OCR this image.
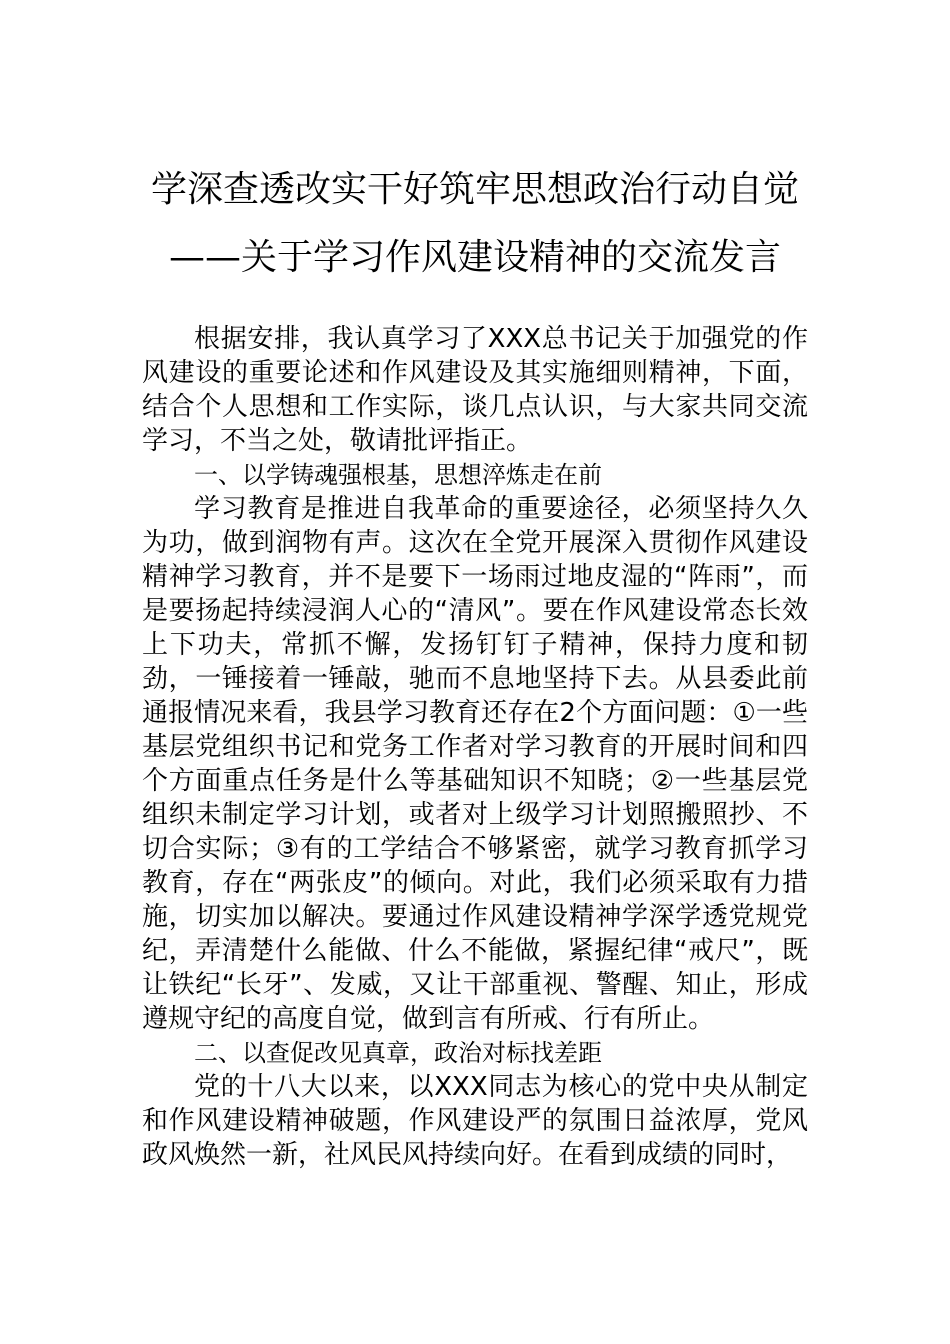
学深查透改实干好筑牢思想政治行动自觉
——关于学习作风建设精神的交流发言

根据安排，我认真学习了XXX总书记关于加强党的作风建设的重要论述和作风建设及其实施细则精神，下面，结合个人思想和工作实际，谈几点认识，与大家共同交流学习，不当之处，敬请批评指正。

一、以学铸魂强根基，思想淬炼走在前

学习教育是推进自我革命的重要途径，必须坚持久久为功，做到润物有声。这次在全党开展深入贯彻作风建设精神学习教育，并不是要下一场雨过地皮湿的“阵雨”，而是要扬起持续浸润人心的“清风”。要在作风建设常态长效上下功夫，常抓不懈，发扬钉钉子精神，保持力度和韧劲，一锤接着一锤敲，驰而不息地坚持下去。从县委此前通报情况来看，我县学习教育还存在2个方面问题：①一些基层党组织书记和党务工作者对学习教育的开展时间和四个方面重点任务是什么等基础知识不知晓；②一些基层党组织未制定学习计划，或者对上级学习计划照搬照抄、不切合实际；③有的工学结合不够紧密，就学习教育抓学习教育，存在“两张皮”的倾向。对此，我们必须采取有力措施，切实加以解决。要通过作风建设精神学深学透党规党纪，弄清楚什么能做、什么不能做，紧握纪律“戒尺”，既让铁纪“长牙”、发威，又让干部重视、警醒、知止，形成遵规守纪的高度自觉，做到言有所戒、行有所止。

二、以查促改见真章，政治对标找差距

党的十八大以来，以XXX同志为核心的党中央从制定和作风建设精神破题，作风建设严的氛围日益浓厚，党风政风焕然一新，社风民风持续向好。在看到成绩的同时，
